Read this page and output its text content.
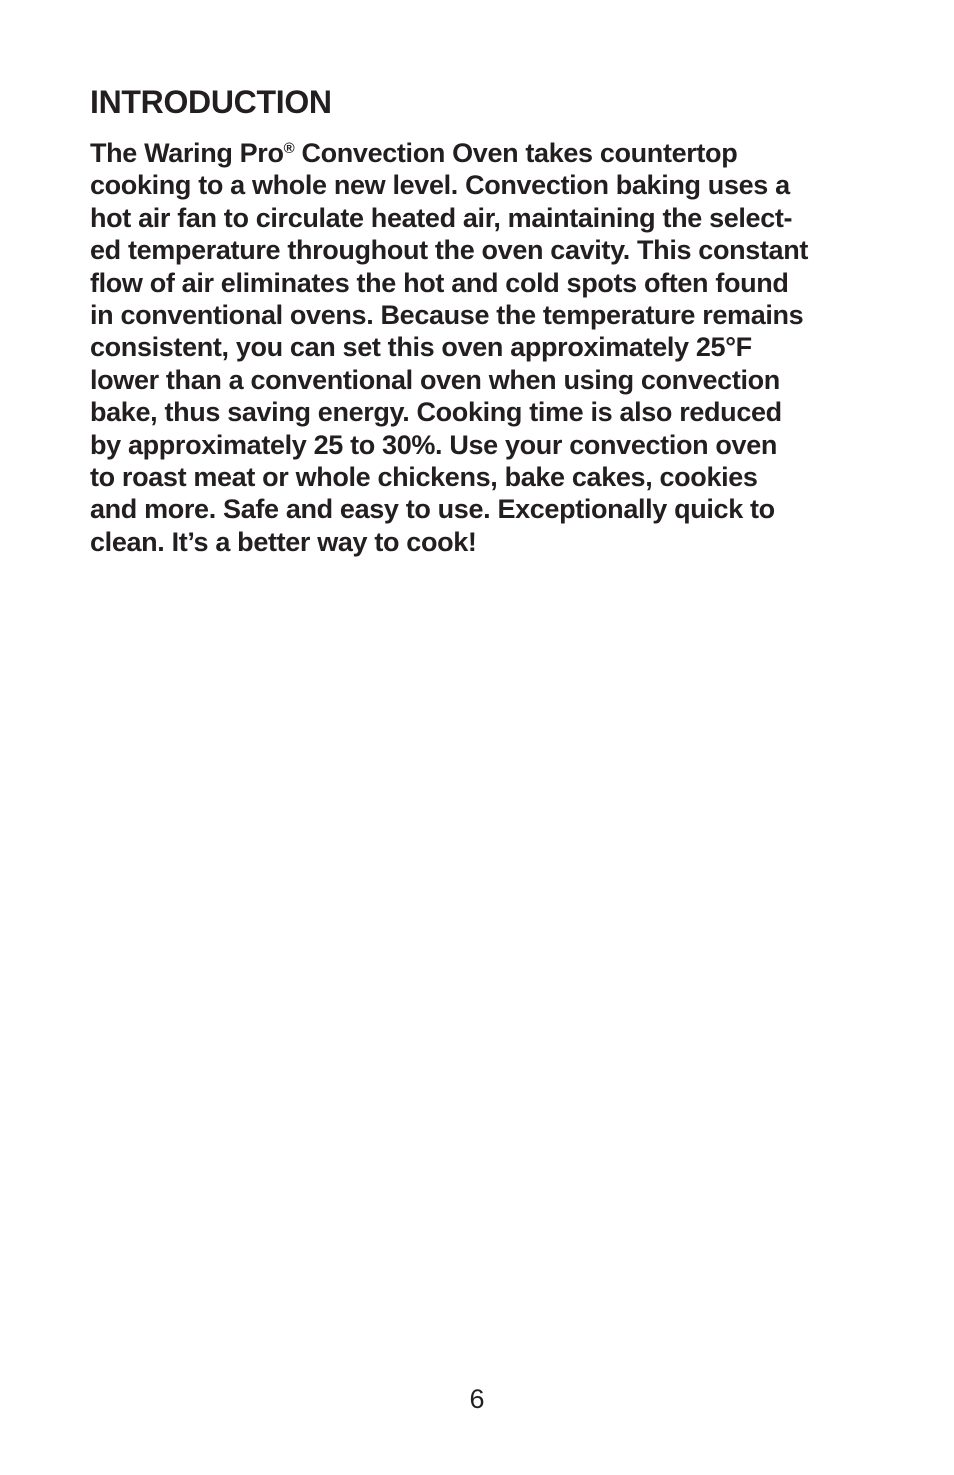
INTRODUCTION

The Waring Pro® Convection Oven takes countertop
cooking to a whole new level. Convection baking uses a
hot air fan to circulate heated air, maintaining the select-
ed temperature throughout the oven cavity. This constant
flow of air eliminates the hot and cold spots often found
in conventional ovens. Because the temperature remains
consistent, you can set this oven approximately 25°F
lower than a conventional oven when using convection
bake, thus saving energy. Cooking time is also reduced
by approximately 25 to 30%. Use your convection oven
to roast meat or whole chickens, bake cakes, cookies
and more. Safe and easy to use. Exceptionally quick to
clean. It’s a better way to cook!

6
